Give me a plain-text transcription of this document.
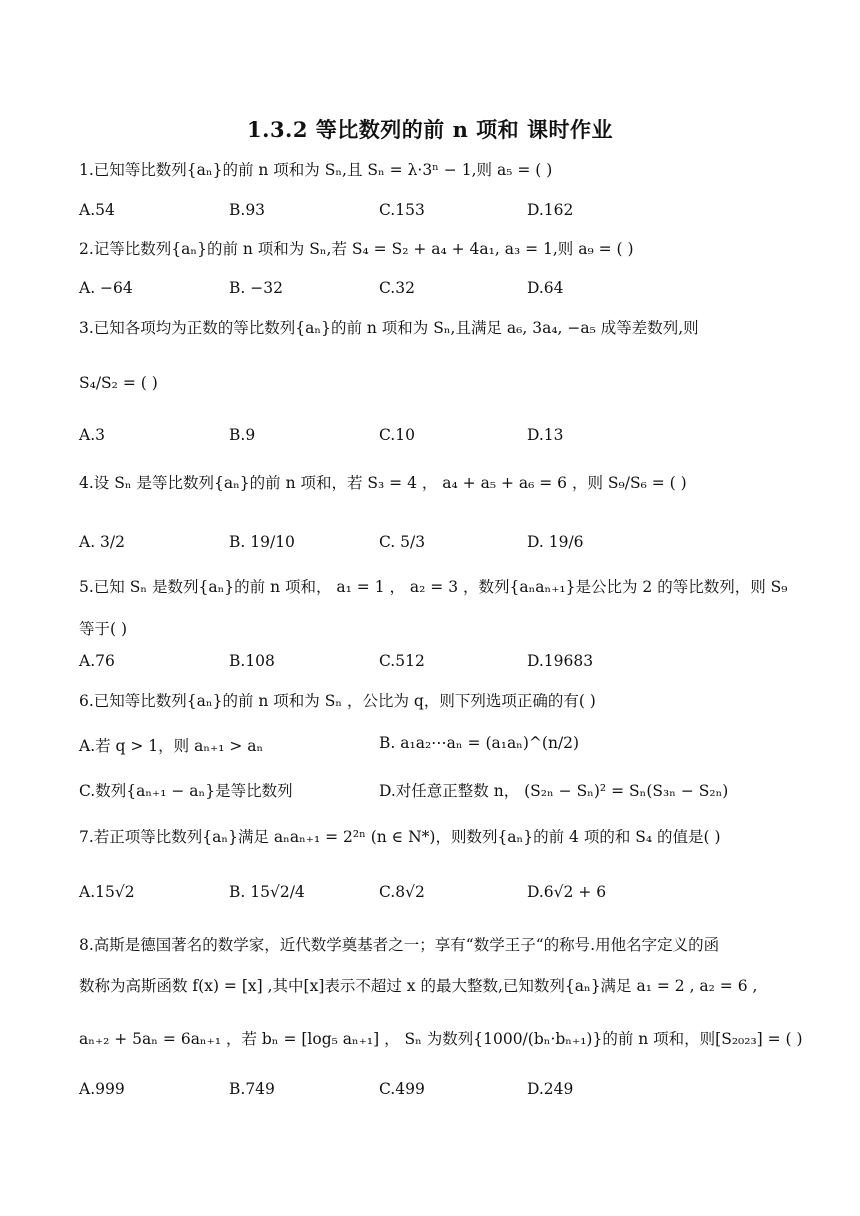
1.3.2 等比数列的前 n 项和 课时作业
1.已知等比数列{aₙ}的前 n 项和为 Sₙ,且 Sₙ = λ·3ⁿ − 1,则 a₅ = ( )
A.54	B.93	C.153	D.162
2.记等比数列{aₙ}的前 n 项和为 Sₙ,若 S₄ = S₂ + a₄ + 4a₁, a₃ = 1,则 a₉ = ( )
A. −64	B. −32	C.32	D.64
3.已知各项均为正数的等比数列{aₙ}的前 n 项和为 Sₙ,且满足 a₆, 3a₄, −a₅ 成等差数列,则
S₄/S₂ = ( )
A.3	B.9	C.10	D.13
4.设 Sₙ 是等比数列{aₙ}的前 n 项和，若 S₃ = 4 ， a₄ + a₅ + a₆ = 6 ，则 S₉/S₆ = ( )
A. 3/2	B. 19/10	C. 5/3	D. 19/6
5.已知 Sₙ 是数列{aₙ}的前 n 项和， a₁ = 1 ， a₂ = 3 ，数列{aₙaₙ₊₁}是公比为 2 的等比数列，则 S₉
等于( )
A.76	B.108	C.512	D.19683
6.已知等比数列{aₙ}的前 n 项和为 Sₙ ，公比为 q，则下列选项正确的有( )
A.若 q > 1，则 aₙ₊₁ > aₙ	B. a₁a₂⋯aₙ = (a₁aₙ)^(n/2)
C.数列{aₙ₊₁ − aₙ}是等比数列	D.对任意正整数 n， (S₂ₙ − Sₙ)² = Sₙ(S₃ₙ − S₂ₙ)
7.若正项等比数列{aₙ}满足 aₙaₙ₊₁ = 2²ⁿ (n ∈ N*)，则数列{aₙ}的前 4 项的和 S₄ 的值是( )
A.15√2	B. 15√2/4	C.8√2	D.6√2 + 6
8.高斯是德国著名的数学家，近代数学奠基者之一；享有“数学王子“的称号.用他名字定义的函
数称为高斯函数 f(x) = [x] ,其中[x]表示不超过 x 的最大整数,已知数列{aₙ}满足 a₁ = 2 , a₂ = 6 ,
aₙ₊₂ + 5aₙ = 6aₙ₊₁ ，若 bₙ = [log₅ aₙ₊₁] ， Sₙ 为数列{1000/(bₙ·bₙ₊₁)}的前 n 项和，则[S₂₀₂₃] = ( )
A.999	B.749	C.499	D.249
